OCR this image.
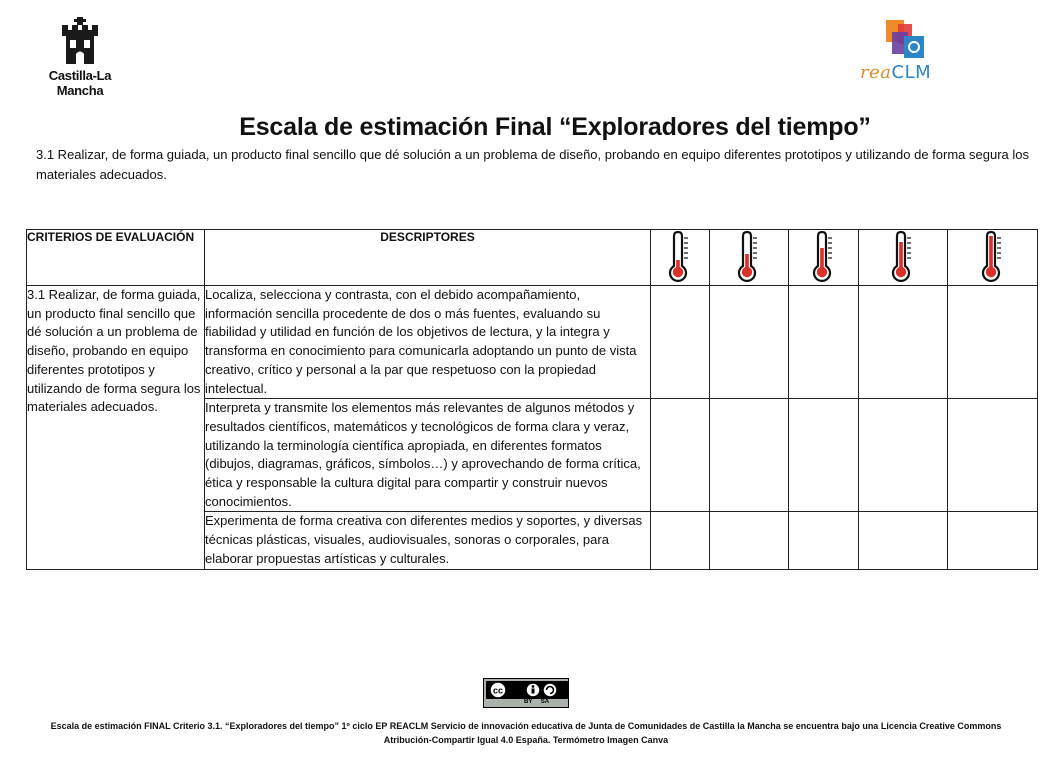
Castilla-La Mancha
reaCLM
Escala de estimación Final “Exploradores del tiempo”
3.1 Realizar, de forma guiada, un producto final sencillo que dé solución a un problema de diseño, probando en equipo diferentes prototipos y utilizando de forma segura los materiales adecuados.
CRITERIOS DE EVALUACIÓN	DESCRIPTORES					
3.1 Realizar, de forma guiada, un producto final sencillo que dé solución a un problema de diseño, probando en equipo diferentes prototipos y utilizando de forma segura los materiales adecuados.	Localiza, selecciona y contrasta, con el debido acompañamiento, información sencilla procedente de dos o más fuentes, evaluando su fiabilidad y utilidad en función de los objetivos de lectura, y la integra y transforma en conocimiento para comunicarla adoptando un punto de vista creativo, crítico y personal a la par que respetuoso con la propiedad intelectual.					
	Interpreta y transmite los elementos más relevantes de algunos métodos y resultados científicos, matemáticos y tecnológicos de forma clara y veraz, utilizando la terminología científica apropiada, en diferentes formatos (dibujos, diagramas, gráficos, símbolos…) y aprovechando de forma crítica, ética y responsable la cultura digital para compartir y construir nuevos conocimientos.					
	Experimenta de forma creativa con diferentes medios y soportes, y diversas técnicas plásticas, visuales, audiovisuales, sonoras o corporales, para elaborar propuestas artísticas y culturales.					
cc
BY SA
Escala de estimación FINAL Criterio 3.1. “Exploradores del tiempo” 1º ciclo EP REACLM Servicio de innovación educativa de Junta de Comunidades de Castilla la Mancha se encuentra bajo una Licencia Creative Commons Atribución-Compartir Igual 4.0 España. Termómetro Imagen Canva
